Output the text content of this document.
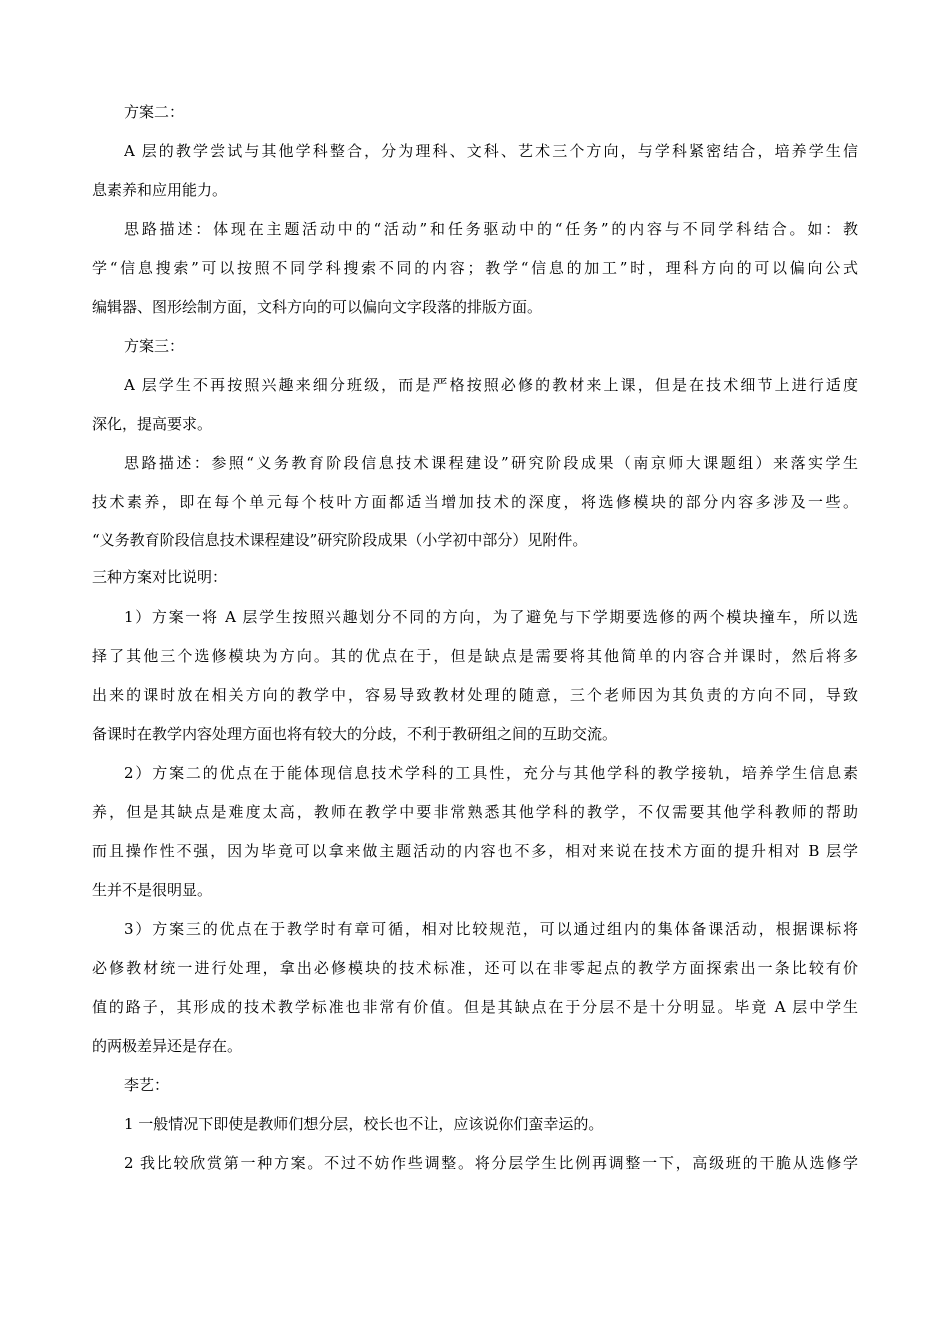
方案二：
A 层的教学尝试与其他学科整合，分为理科、文科、艺术三个方向，与学科紧密结合，培养学生信
息素养和应用能力。
思路描述：体现在主题活动中的“活动”和任务驱动中的“任务”的内容与不同学科结合。如：教
学“信息搜索”可以按照不同学科搜索不同的内容；教学“信息的加工”时，理科方向的可以偏向公式
编辑器、图形绘制方面，文科方向的可以偏向文字段落的排版方面。
方案三：
A 层学生不再按照兴趣来细分班级，而是严格按照必修的教材来上课，但是在技术细节上进行适度
深化，提高要求。
思路描述：参照“义务教育阶段信息技术课程建设”研究阶段成果（南京师大课题组）来落实学生
技术素养，即在每个单元每个枝叶方面都适当增加技术的深度，将选修模块的部分内容多涉及一些。
“义务教育阶段信息技术课程建设”研究阶段成果（小学初中部分）见附件。
三种方案对比说明：
1）方案一将 A 层学生按照兴趣划分不同的方向，为了避免与下学期要选修的两个模块撞车，所以选
择了其他三个选修模块为方向。其的优点在于，但是缺点是需要将其他简单的内容合并课时，然后将多
出来的课时放在相关方向的教学中，容易导致教材处理的随意，三个老师因为其负责的方向不同，导致
备课时在教学内容处理方面也将有较大的分歧，不利于教研组之间的互助交流。
2）方案二的优点在于能体现信息技术学科的工具性，充分与其他学科的教学接轨，培养学生信息素
养，但是其缺点是难度太高，教师在教学中要非常熟悉其他学科的教学，不仅需要其他学科教师的帮助
而且操作性不强，因为毕竟可以拿来做主题活动的内容也不多，相对来说在技术方面的提升相对 B 层学
生并不是很明显。
3）方案三的优点在于教学时有章可循，相对比较规范，可以通过组内的集体备课活动，根据课标将
必修教材统一进行处理，拿出必修模块的技术标准，还可以在非零起点的教学方面探索出一条比较有价
值的路子，其形成的技术教学标准也非常有价值。但是其缺点在于分层不是十分明显。毕竟 A 层中学生
的两极差异还是存在。
李艺：
1 一般情况下即使是教师们想分层，校长也不让，应该说你们蛮幸运的。
2 我比较欣赏第一种方案。不过不妨作些调整。将分层学生比例再调整一下，高级班的干脆从选修学
